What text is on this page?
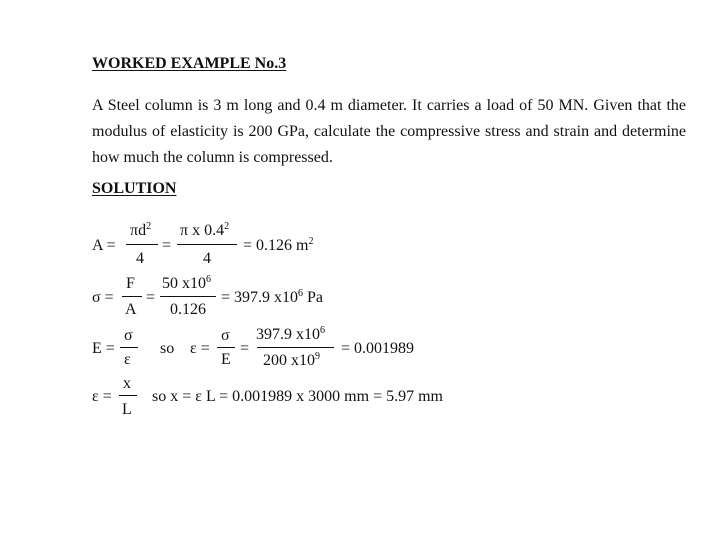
WORKED EXAMPLE No.3
A Steel column is 3 m long and 0.4 m diameter. It carries a load of 50 MN. Given that the modulus of elasticity is 200 GPa, calculate the compressive stress and strain and determine how much the column is compressed.
SOLUTION
A =
$\pi d^2$
4
=
π x $0.4^2$
4
= 0.126 $m^2$
σ =
F
A
=
50 $x10^6$
0.126
= 397.9 $x10^6$ Pa
E =
σ
ε
so ε =
σ
E
=
397.9 $x10^6$
200 $x10^9 = 0.001989$
ε =
x
L
so x = ε L = 0.001989 x 3000 mm = 5.97 mm
